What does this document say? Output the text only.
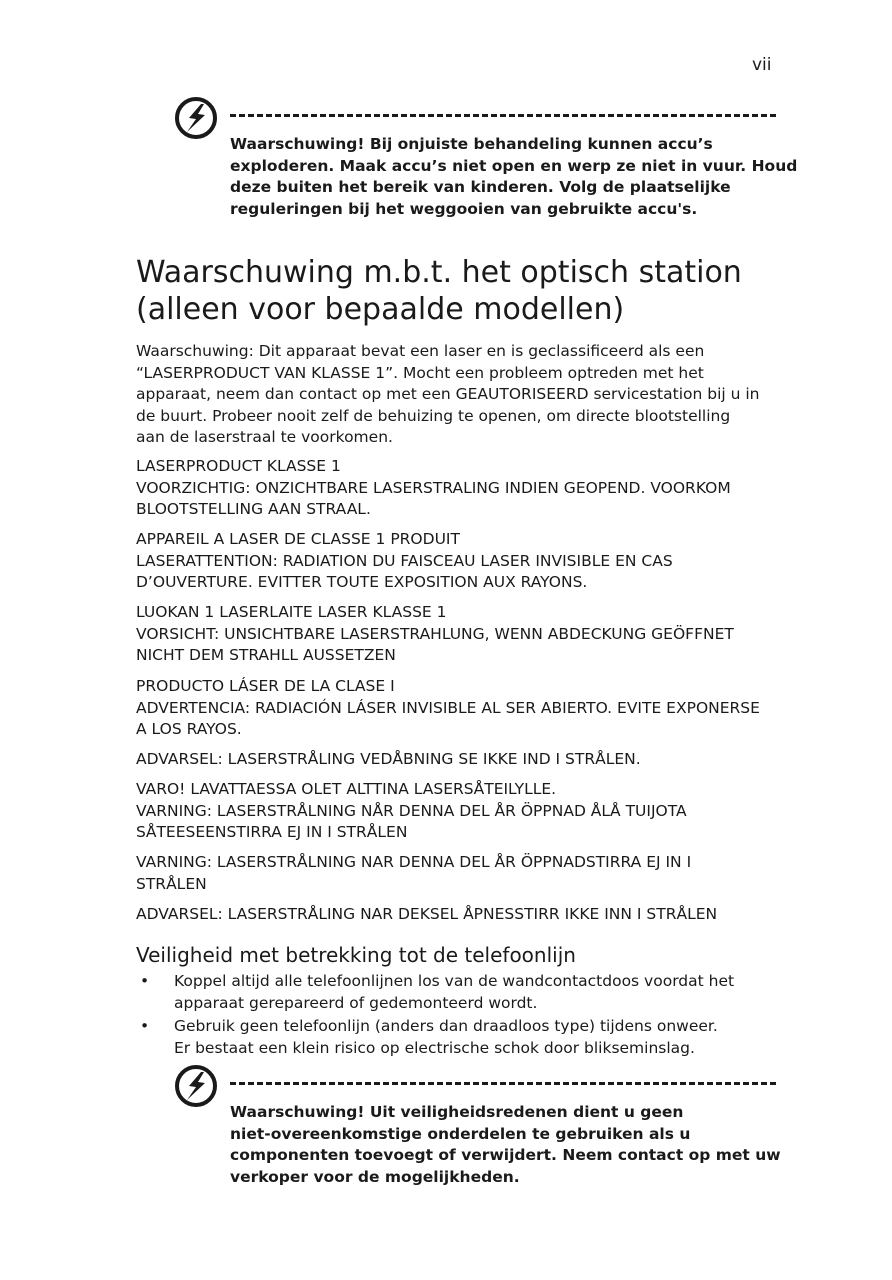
vii
Waarschuwing! Bij onjuiste behandeling kunnen accu’s
exploderen. Maak accu’s niet open en werp ze niet in vuur. Houd
deze buiten het bereik van kinderen. Volg de plaatselijke
reguleringen bij het weggooien van gebruikte accu's.
Waarschuwing m.b.t. het optisch station
(alleen voor bepaalde modellen)
Waarschuwing: Dit apparaat bevat een laser en is geclassificeerd als een
“LASERPRODUCT VAN KLASSE 1”. Mocht een probleem optreden met het
apparaat, neem dan contact op met een GEAUTORISEERD servicestation bij u in
de buurt. Probeer nooit zelf de behuizing te openen, om directe blootstelling
aan de laserstraal te voorkomen.
LASERPRODUCT KLASSE 1
VOORZICHTIG: ONZICHTBARE LASERSTRALING INDIEN GEOPEND. VOORKOM
BLOOTSTELLING AAN STRAAL.
APPAREIL A LASER DE CLASSE 1 PRODUIT
LASERATTENTION: RADIATION DU FAISCEAU LASER INVISIBLE EN CAS
D’OUVERTURE. EVITTER TOUTE EXPOSITION AUX RAYONS.
LUOKAN 1 LASERLAITE LASER KLASSE 1
VORSICHT: UNSICHTBARE LASERSTRAHLUNG, WENN ABDECKUNG GEÖFFNET
NICHT DEM STRAHLL AUSSETZEN
PRODUCTO LÁSER DE LA CLASE I
ADVERTENCIA: RADIACIÓN LÁSER INVISIBLE AL SER ABIERTO. EVITE EXPONERSE
A LOS RAYOS.
ADVARSEL: LASERSTRÅLING VEDÅBNING SE IKKE IND I STRÅLEN.
VARO! LAVATTAESSA OLET ALTTINA LASERSÅTEILYLLE.
VARNING: LASERSTRÅLNING NÅR DENNA DEL ÅR ÖPPNAD ÅLÅ TUIJOTA
SÅTEESEENSTIRRA EJ IN I STRÅLEN
VARNING: LASERSTRÅLNING NAR DENNA DEL ÅR ÖPPNADSTIRRA EJ IN I
STRÅLEN
ADVARSEL: LASERSTRÅLING NAR DEKSEL ÅPNESSTIRR IKKE INN I STRÅLEN
Veiligheid met betrekking tot de telefoonlijn
• Koppel altijd alle telefoonlijnen los van de wandcontactdoos voordat het
apparaat gerepareerd of gedemonteerd wordt.
• Gebruik geen telefoonlijn (anders dan draadloos type) tijdens onweer.
Er bestaat een klein risico op electrische schok door blikseminslag.
Waarschuwing! Uit veiligheidsredenen dient u geen
niet-overeenkomstige onderdelen te gebruiken als u
componenten toevoegt of verwijdert. Neem contact op met uw
verkoper voor de mogelijkheden.
